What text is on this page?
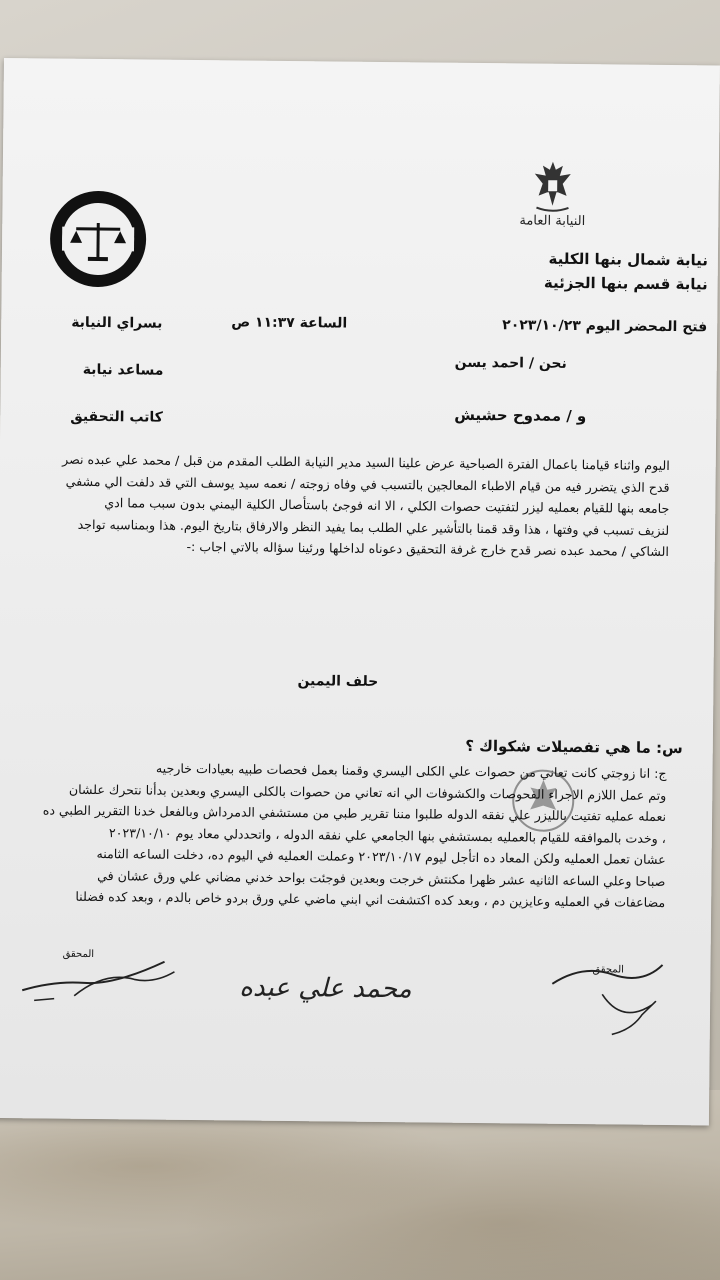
النيابة العامة
نيابة شمال بنها الكلية
نيابة قسم بنها الجزئية
فتح المحضر اليوم ٢٠٢٣/١٠/٢٣
الساعة ١١:٣٧ ص
بسراي النيابة
نحن / احمد يسن
مساعد نيابة
و / ممدوح حشيش
كاتب التحقيق
اليوم واثناء قيامنا باعمال الفترة الصباحية عرض علينا السيد مدير النيابة الطلب المقدم من قبل / محمد علي عبده نصر
قدح الذي يتضرر فيه من قيام الاطباء المعالجين بالتسبب في وفاه زوجته / نعمه سيد يوسف التي قد دلفت الي مشفي
جامعه بنها للقيام بعمليه ليزر لتفتيت حصوات الكلي ، الا انه فوجئ باستأصال الكلية اليمني بدون سبب مما ادي
لنزيف تسبب في وفتها ، هذا وقد قمنا بالتأشير علي الطلب بما يفيد النظر والارفاق بتاريخ اليوم. هذا وبمناسبه تواجد
الشاكي / محمد عبده نصر قدح خارج غرفة التحقيق دعوناه لداخلها ورئينا سؤاله بالاتي اجاب :-
حلف اليمين
س: ما هي تفصيلات شكواك ؟
ج: انا زوجتي كانت تعاني من حصوات علي الكلى اليسري وقمنا بعمل فحصات طبيه بعيادات خارجيه
وتم عمل اللازم الاجراء الفحوصات والكشوفات الي انه تعاني من حصوات بالكلى اليسري وبعدين بدأنا نتحرك علشان
نعمله عمليه تفتيت بالليزر علي نفقه الدوله طلبوا مننا تقرير طبي من مستشفي الدمرداش وبالفعل خدنا التقرير الطبي ده
، وخدت بالموافقه للقيام بالعمليه بمستشفي بنها الجامعي علي نفقه الدوله ، واتحددلي معاد يوم ٢٠٢٣/١٠/١٠
عشان تعمل العمليه ولكن المعاد ده اتأجل ليوم ٢٠٢٣/١٠/١٧ وعملت العمليه في اليوم ده، دخلت الساعه الثامنه
صباحا وعلي الساعه الثانيه عشر ظهرا مكنتش خرجت وبعدين فوجئت بواحد خدني مضاني علي ورق عشان في
مضاعفات في العمليه وعايزين دم ، وبعد كده اكتشفت اني ابني ماضي علي ورق بردو خاص بالدم ، وبعد كده فضلنا
المحقق
محمد علي عبده
المحقق
